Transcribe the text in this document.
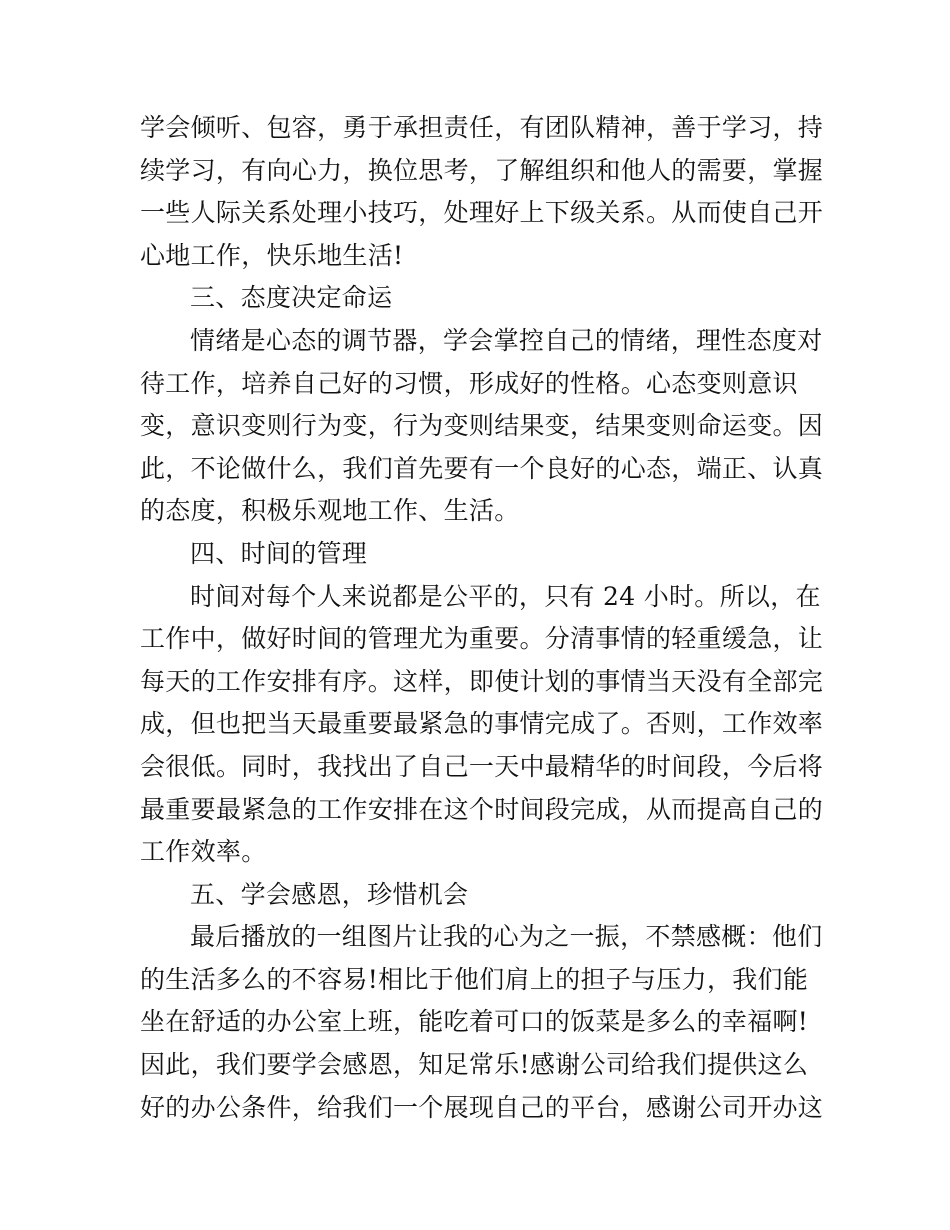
学会倾听、包容，勇于承担责任，有团队精神，善于学习，持
续学习，有向心力，换位思考，了解组织和他人的需要，掌握
一些人际关系处理小技巧，处理好上下级关系。从而使自己开
心地工作，快乐地生活!
三、态度决定命运
情绪是心态的调节器，学会掌控自己的情绪，理性态度对
待工作，培养自己好的习惯，形成好的性格。心态变则意识
变，意识变则行为变，行为变则结果变，结果变则命运变。因
此，不论做什么，我们首先要有一个良好的心态，端正、认真
的态度，积极乐观地工作、生活。
四、时间的管理
时间对每个人来说都是公平的，只有 24 小时。所以，在
工作中，做好时间的管理尤为重要。分清事情的轻重缓急，让
每天的工作安排有序。这样，即使计划的事情当天没有全部完
成，但也把当天最重要最紧急的事情完成了。否则，工作效率
会很低。同时，我找出了自己一天中最精华的时间段，今后将
最重要最紧急的工作安排在这个时间段完成，从而提高自己的
工作效率。
五、学会感恩，珍惜机会
最后播放的一组图片让我的心为之一振，不禁感概：他们
的生活多么的不容易!相比于他们肩上的担子与压力，我们能
坐在舒适的办公室上班，能吃着可口的饭菜是多么的幸福啊!
因此，我们要学会感恩，知足常乐!感谢公司给我们提供这么
好的办公条件，给我们一个展现自己的平台，感谢公司开办这
